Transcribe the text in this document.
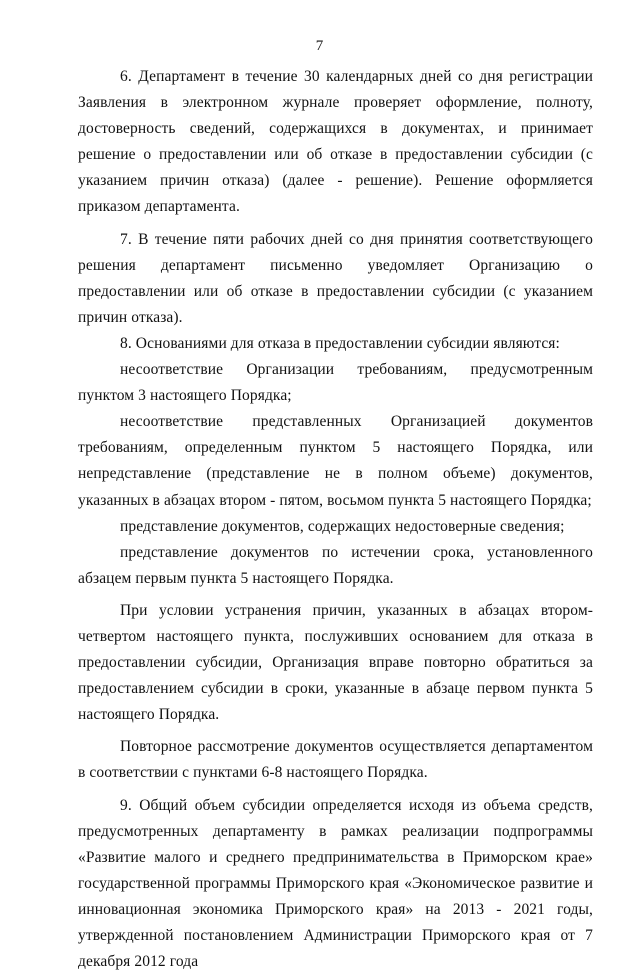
7

6. Департамент в течение 30 календарных дней со дня регистрации Заявления в электронном журнале проверяет оформление, полноту, достоверность сведений, содержащихся в документах, и принимает решение о предоставлении или об отказе в предоставлении субсидии (с указанием причин отказа) (далее - решение). Решение оформляется приказом департамента.

7. В течение пяти рабочих дней со дня принятия соответствующего решения департамент письменно уведомляет Организацию о предоставлении или об отказе в предоставлении субсидии (с указанием причин отказа).

8. Основаниями для отказа в предоставлении субсидии являются:

несоответствие Организации требованиям, предусмотренным пунктом 3 настоящего Порядка;

несоответствие представленных Организацией документов требованиям, определенным пунктом 5 настоящего Порядка, или непредставление (представление не в полном объеме) документов, указанных в абзацах втором - пятом, восьмом пункта 5 настоящего Порядка;

представление документов, содержащих недостоверные сведения;

представление документов по истечении срока, установленного абзацем первым пункта 5 настоящего Порядка.

При условии устранения причин, указанных в абзацах втором-четвертом настоящего пункта, послуживших основанием для отказа в предоставлении субсидии, Организация вправе повторно обратиться за предоставлением субсидии в сроки, указанные в абзаце первом пункта 5 настоящего Порядка.

Повторное рассмотрение документов осуществляется департаментом в соответствии с пунктами 6-8 настоящего Порядка.

9. Общий объем субсидии определяется исходя из объема средств, предусмотренных департаменту в рамках реализации подпрограммы «Развитие малого и среднего предпринимательства в Приморском крае» государственной программы Приморского края «Экономическое развитие и инновационная экономика Приморского края» на 2013 - 2021 годы, утвержденной постановлением Администрации Приморского края от 7 декабря 2012 года
